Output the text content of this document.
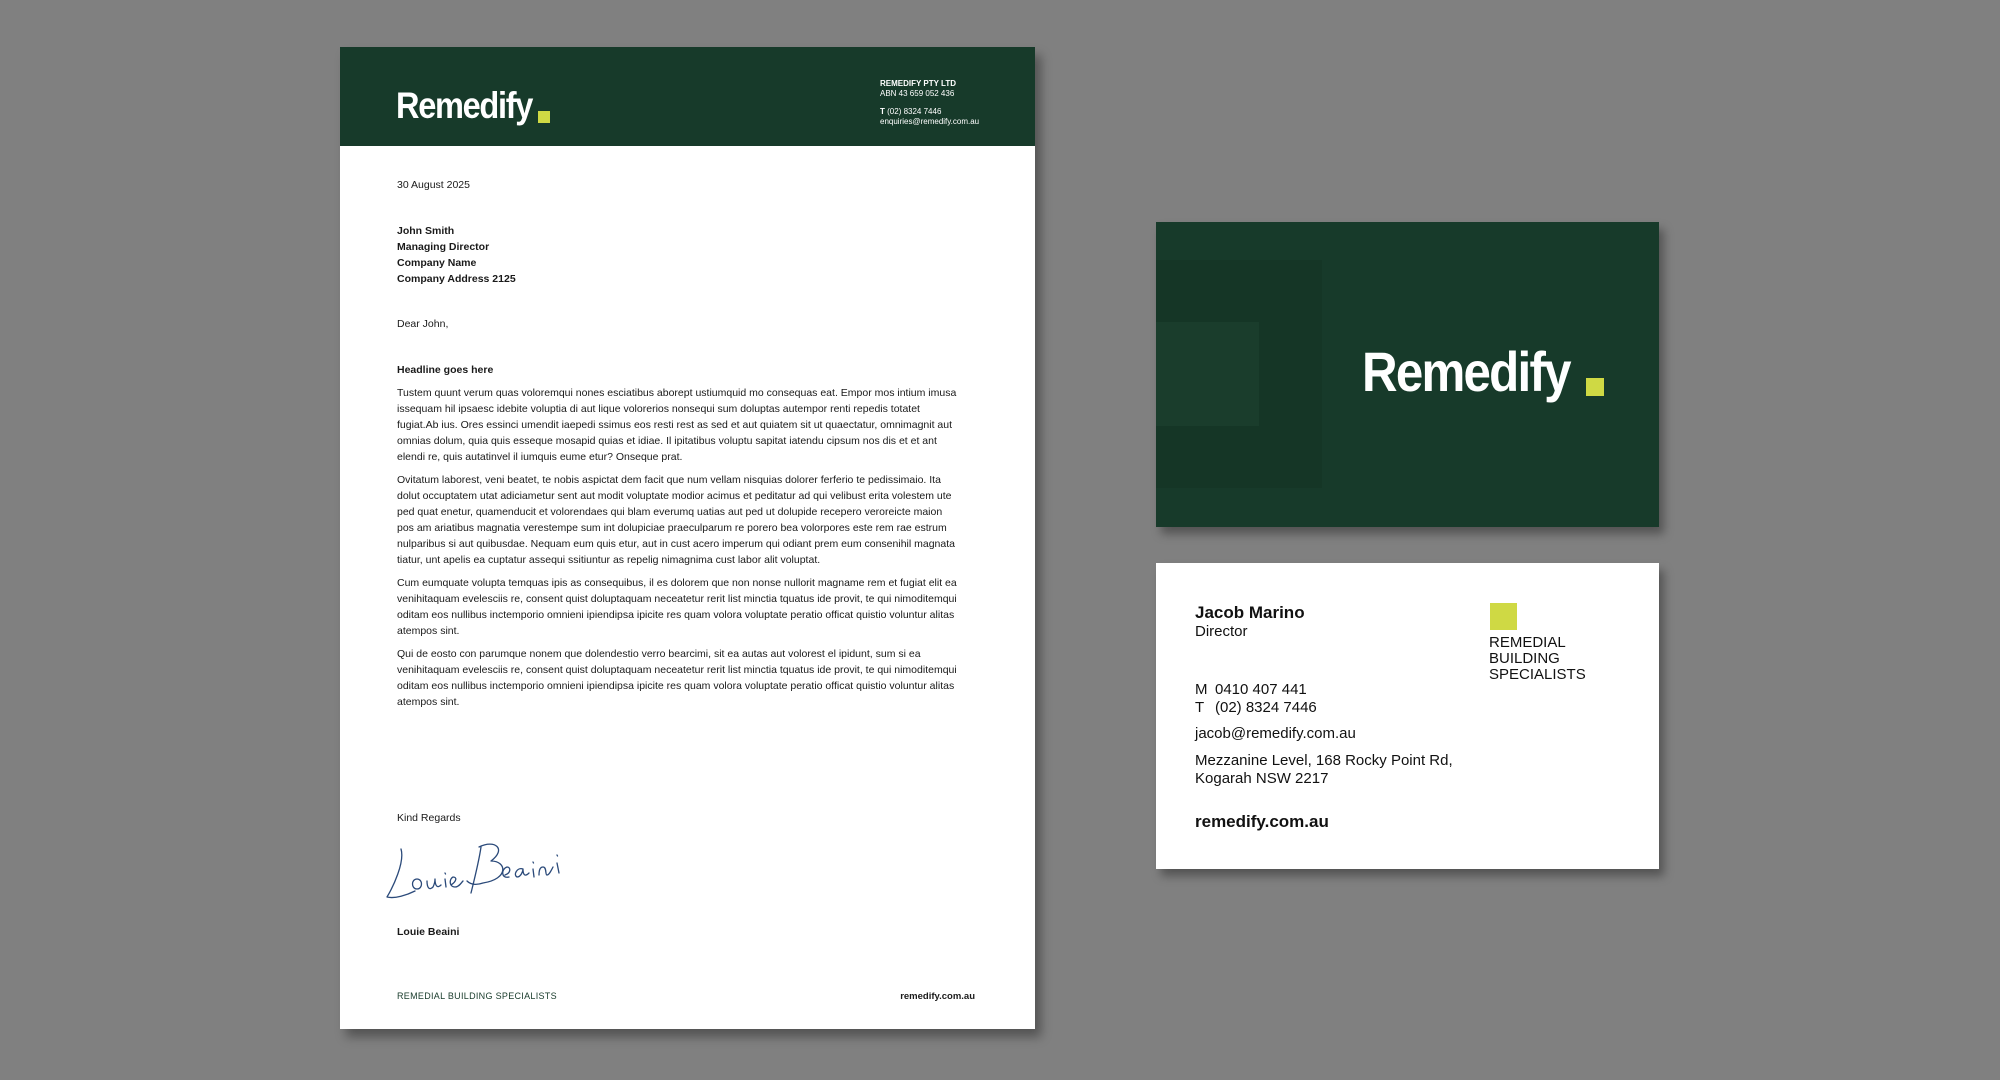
Remedify
REMEDIFY PTY LTD
ABN 43 659 052 436
T (02) 8324 7446
enquiries@remedify.com.au
30 August 2025
John Smith
Managing Director
Company Name
Company Address 2125
Dear John,
Headline goes here

Tustem quunt verum quas voloremqui nones esciatibus aborept ustiumquid mo consequas eat. Empor mos intium imusa issequam hil ipsaesc idebite voluptia di aut lique volorerios nonsequi sum doluptas autempor renti repedis totatet fugiat.Ab ius. Ores essinci umendit iaepedi ssimus eos resti rest as sed et aut quiatem sit ut quaectatur, omnimagnit aut omnias dolum, quia quis esseque mosapid quias et idiae. Il ipitatibus voluptu sapitat iatendu cipsum nos dis et et ant elendi re, quis autatinvel il iumquis eume etur? Onseque prat.

Ovitatum laborest, veni beatet, te nobis aspictat dem facit que num vellam nisquias dolorer ferferio te pedissimaio. Ita dolut occuptatem utat adiciametur sent aut modit voluptate modior acimus et peditatur ad qui velibust erita volestem ute ped quat enetur, quamenducit et volorendaes qui blam everumq uatias aut ped ut dolupide recepero veroreicte maion pos am ariatibus magnatia verestempe sum int dolupiciae praeculparum re porero bea volorpores este rem rae estrum nulparibus si aut quibusdae. Nequam eum quis etur, aut in cust acero imperum qui odiant prem eum consenihil magnata tiatur, unt apelis ea cuptatur assequi ssitiuntur as repelig nimagnima cust labor alit voluptat.

Cum eumquate volupta temquas ipis as consequibus, il es dolorem que non nonse nullorit magname rem et fugiat elit ea venihitaquam evelesciis re, consent quist doluptaquam neceatetur rerit list minctia tquatus ide provit, te qui nimoditemqui oditam eos nullibus inctemporio omnieni ipiendipsa ipicite res quam volora voluptate peratio officat quistio voluntur alitas atempos sint.

Qui de eosto con parumque nonem que dolendestio verro bearcimi, sit ea autas aut volorest el ipidunt, sum si ea venihitaquam evelesciis re, consent quist doluptaquam neceatetur rerit list minctia tquatus ide provit, te qui nimoditemqui oditam eos nullibus inctemporio omnieni ipiendipsa ipicite res quam volora voluptate peratio officat quistio voluntur alitas atempos sint.

Kind Regards
Louie Beaini
REMEDIAL BUILDING SPECIALISTS	remedify.com.au
Remedify
Jacob Marino
Director
REMEDIAL
BUILDING
SPECIALISTS
M 0410 407 441
T (02) 8324 7446
jacob@remedify.com.au
Mezzanine Level, 168 Rocky Point Rd,
Kogarah NSW 2217
remedify.com.au
